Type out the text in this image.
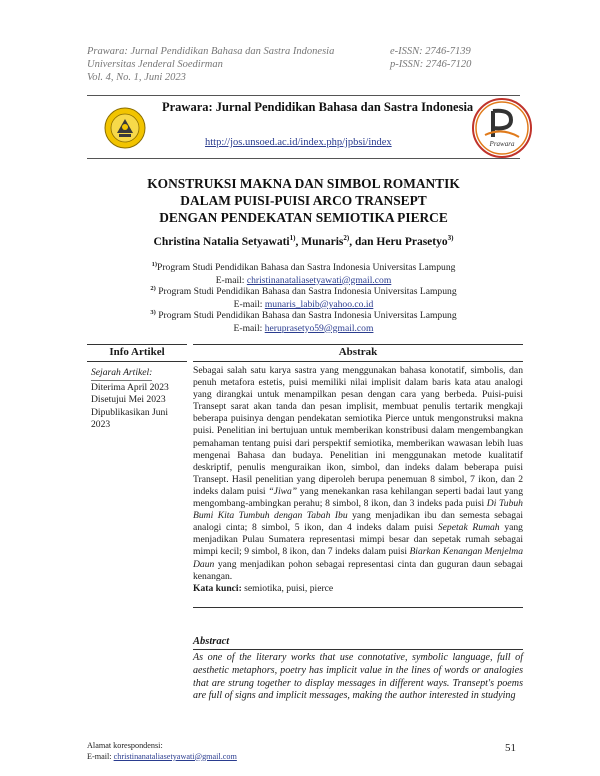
Prawara: Jurnal Pendidikan Bahasa dan Sastra Indonesia
Universitas Jenderal Soedirman
Vol. 4, No. 1, Juni 2023
e-ISSN: 2746-7139
p-ISSN: 2746-7120
Prawara: Jurnal Pendidikan Bahasa dan Sastra Indonesia
http://jos.unsoed.ac.id/index.php/jpbsi/index	Prawara
KONSTRUKSI MAKNA DAN SIMBOL ROMANTIK
DALAM PUISI-PUISI ARCO TRANSEPT
DENGAN PENDEKATAN SEMIOTIKA PIERCE
Christina Natalia Setyawati$^{1)}$, Munaris$^{2)}$, dan Heru Prasetyo$^{3)}$
$^{1)}$Program Studi Pendidikan Bahasa dan Sastra Indonesia Universitas Lampung
E-mail: christinanataliasetyawati@gmail.com
$^{2)}$ Program Studi Pendidikan Bahasa dan Sastra Indonesia Universitas Lampung
E-mail: munaris_labib@yahoo.co.id
$^{3)}$ Program Studi Pendidikan Bahasa dan Sastra Indonesia Universitas Lampung
E-mail: heruprasetyo59@gmail.com
Info Artikel
Sejarah Artikel:
Diterima April 2023
Disetujui Mei 2023
Dipublikasikan Juni 2023
Abstrak
Sebagai salah satu karya sastra yang menggunakan bahasa konotatif, simbolis, dan penuh metafora estetis, puisi memiliki nilai implisit dalam baris kata atau analogi yang dirangkai untuk menampilkan pesan dengan cara yang berbeda. Puisi-puisi Transept sarat akan tanda dan pesan implisit, membuat penulis tertarik mengkaji beberapa puisinya dengan pendekatan semiotika Pierce untuk mengonstruksi makna puisi. Penelitian ini bertujuan untuk memberikan konstribusi dalam mengembangkan pemahaman tentang puisi dari perspektif semiotika, memberikan wawasan lebih luas mengenai Bahasa dan budaya. Penelitian ini menggunakan metode kualitatif deskriptif, penulis menguraikan ikon, simbol, dan indeks dalam beberapa puisi Transept. Hasil penelitian yang diperoleh berupa penemuan 8 simbol, 7 ikon, dan 2 indeks dalam puisi “Jiwa” yang menekankan rasa kehilangan seperti badai laut yang mengombang-ambingkan perahu; 8 simbol, 8 ikon, dan 3 indeks pada puisi Di Tubuh Bumi Kita Tumbuh dengan Tabah Ibu yang menjadikan ibu dan semesta sebagai analogi cinta; 8 simbol, 5 ikon, dan 4 indeks dalam puisi Sepetak Rumah yang menjadikan Pulau Sumatera representasi mimpi besar dan sepetak rumah sebagai mimpi kecil; 9 simbol, 8 ikon, dan 7 indeks dalam puisi Biarkan Kenangan Menjelma Daun yang menjadikan pohon sebagai representasi cinta dan guguran daun sebagai kenangan.
Kata kunci: semiotika, puisi, pierce
Abstract
As one of the literary works that use connotative, symbolic language, full of aesthetic metaphors, poetry has implicit value in the lines of words or analogies that are strung together to display messages in different ways. Transept's poems are full of signs and implicit messages, making the author interested in studying
Alamat korespondensi:
E-mail: christinanataliasetyawati@gmail.com
51
